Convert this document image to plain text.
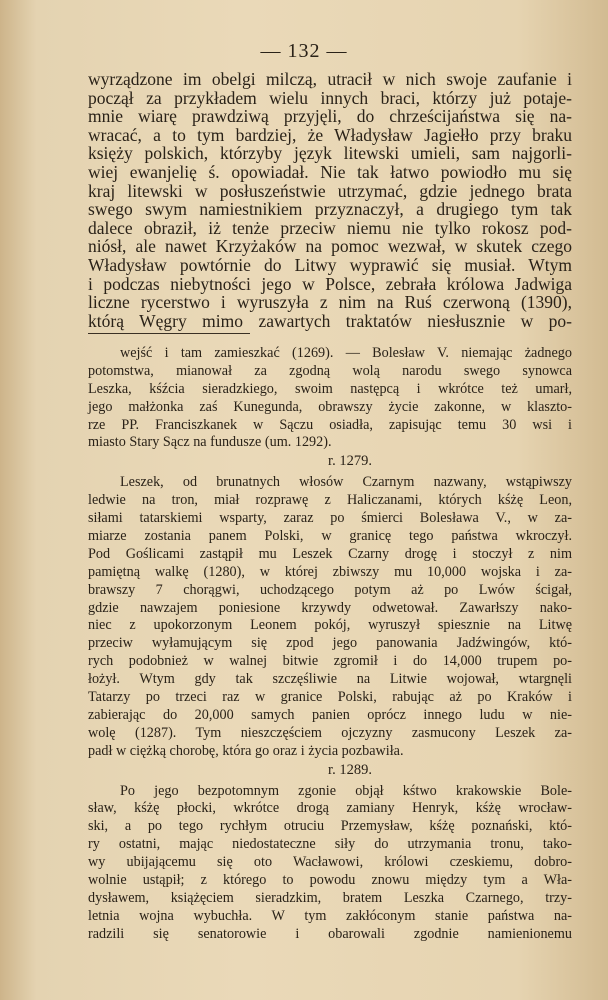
— 132 —
wyrządzone im obelgi milczą, utracił w nich swoje zaufanie i
począł za przykładem wielu innych braci, którzy już potaje-
mnie wiarę prawdziwą przyjęli, do chrześcijaństwa się na-
wracać, a to tym bardziej, że Władysław Jagiełło przy braku
księży polskich, którzyby język litewski umieli, sam najgorli-
wiej ewanjelię ś. opowiadał. Nie tak łatwo powiodło mu się
kraj litewski w posłuszeństwie utrzymać, gdzie jednego brata
swego swym namiestnikiem przyznaczył, a drugiego tym tak
dalece obraził, iż tenże przeciw niemu nie tylko rokosz pod-
niósł, ale nawet Krzyżaków na pomoc wezwał, w skutek czego
Władysław powtórnie do Litwy wyprawić się musiał. Wtym
i podczas niebytności jego w Polsce, zebrała królowa Jadwiga
liczne rycerstwo i wyruszyła z nim na Ruś czerwoną (1390),
którą Węgry mimo zawartych traktatów niesłusznie w po-
wejść i tam zamieszkać (1269). — Bolesław V. niemając żadnego
potomstwa, mianował za zgodną wolą narodu swego synowca
Leszka, kśźcia sieradzkiego, swoim następcą i wkrótce też umarł,
jego małżonka zaś Kunegunda, obrawszy życie zakonne, w klaszto-
rze PP. Franciszkanek w Sączu osiadła, zapisując temu 30 wsi i
miasto Stary Sącz na fundusze (um. 1292).
r. 1279.
Leszek, od brunatnych włosów Czarnym nazwany, wstąpiwszy
ledwie na tron, miał rozprawę z Haliczanami, których kśżę Leon,
siłami tatarskiemi wsparty, zaraz po śmierci Bolesława V., w za-
miarze zostania panem Polski, w granicę tego państwa wkroczył.
Pod Goślicami zastąpił mu Leszek Czarny drogę i stoczył z nim
pamiętną walkę (1280), w której zbiwszy mu 10,000 wojska i za-
brawszy 7 chorągwi, uchodzącego potym aż po Lwów ścigał,
gdzie nawzajem poniesione krzywdy odwetował. Zawarłszy nako-
niec z upokorzonym Leonem pokój, wyruszył spiesznie na Litwę
przeciw wyłamującym się zpod jego panowania Jadźwingów, któ-
rych podobnież w walnej bitwie zgromił i do 14,000 trupem po-
łożył. Wtym gdy tak szczęśliwie na Litwie wojował, wtargnęli
Tatarzy po trzeci raz w granice Polski, rabując aż po Kraków i
zabierając do 20,000 samych panien oprócz innego ludu w nie-
wolę (1287). Tym nieszczęściem ojczyzny zasmucony Leszek za-
padł w ciężką chorobę, która go oraz i życia pozbawiła.
r. 1289.
Po jego bezpotomnym zgonie objął kśtwo krakowskie Bole-
sław, kśżę płocki, wkrótce drogą zamiany Henryk, kśżę wrocław-
ski, a po tego rychłym otruciu Przemysław, kśżę poznański, któ-
ry ostatni, mając niedostateczne siły do utrzymania tronu, tako-
wy ubijającemu się oto Wacławowi, królowi czeskiemu, dobro-
wolnie ustąpił; z którego to powodu znowu między tym a Wła-
dysławem, książęciem sieradzkim, bratem Leszka Czarnego, trzy-
letnia wojna wybuchła. W tym zakłóconym stanie państwa na-
radzili się senatorowie i obarowali zgodnie namienionemu
